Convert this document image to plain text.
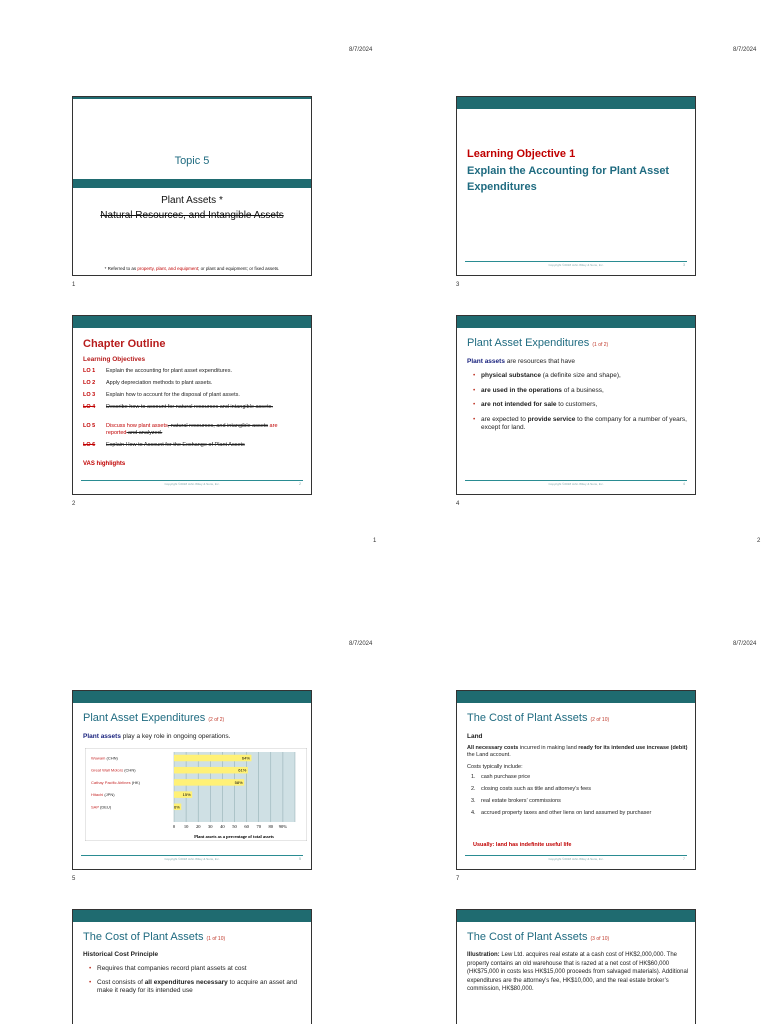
8/7/2024	8/7/2024
Topic 5
Plant Assets *
Natural Resources, and Intangible Assets
* Referred to as property, plant, and equipment; or plant and equipment; or fixed assets.
1
Learning Objective 1
Explain the Accounting for Plant Asset Expenditures
Copyright ©2018 John Wiley & Sons, Inc.	3
3
Chapter Outline
Learning Objectives
LO 1 Explain the accounting for plant asset expenditures.
LO 2 Apply depreciation methods to plant assets.
LO 3 Explain how to account for the disposal of plant assets.
LO 4 Describe how to account for natural resources and intangible assets.
LO 5 Discuss how plant assets, natural resources, and intangible assets are reported and analyzed.
LO 6 Explain How to Account for the Exchange of Plant Assets
VAS highlights
Copyright ©2018 John Wiley & Sons, Inc.	2
2
Plant Asset Expenditures (1 of 2)
Plant assets are resources that have
• physical substance (a definite size and shape),
• are used in the operations of a business,
• are not intended for sale to customers,
• are expected to provide service to the company for a number of years, except for land.
Copyright ©2018 John Wiley & Sons, Inc.	4
4
1	2
8/7/2024	8/7/2024
Plant Asset Expenditures (2 of 2)
Plant assets play a key role in ongoing operations.
64%
61%
58%
15%
6%
Wuwam (CHN)
Great Wall Motors (CHN)
Cathay Pacific Airlines (HK)
Hitachi (JPN)
SAP (DEU)
0 10 20 30 40 50 60 70 80 90%
Plant assets as a percentage of total assets
Copyright ©2018 John Wiley & Sons, Inc.	5
5
The Cost of Plant Assets (2 of 10)
Land
All necessary costs incurred in making land ready for its intended use increase (debit) the Land account.
Costs typically include:
1. cash purchase price
2. closing costs such as title and attorney’s fees
3. real estate brokers’ commissions
4. accrued property taxes and other liens on land assumed by purchaser
Usually: land has indefinite useful life
Copyright ©2018 John Wiley & Sons, Inc.	7
7
The Cost of Plant Assets (1 of 10)
Historical Cost Principle
• Requires that companies record plant assets at cost
• Cost consists of all expenditures necessary to acquire an asset and make it ready for its intended use
The Cost of Plant Assets (3 of 10)
Illustration: Lew Ltd. acquires real estate at a cash cost of HK$2,000,000. The property contains an old warehouse that is razed at a net cost of HK$60,000 (HK$75,000 in costs less HK$15,000 proceeds from salvaged materials). Additional expenditures are the attorney’s fee, HK$10,000, and the real estate broker’s commission, HK$80,000.
